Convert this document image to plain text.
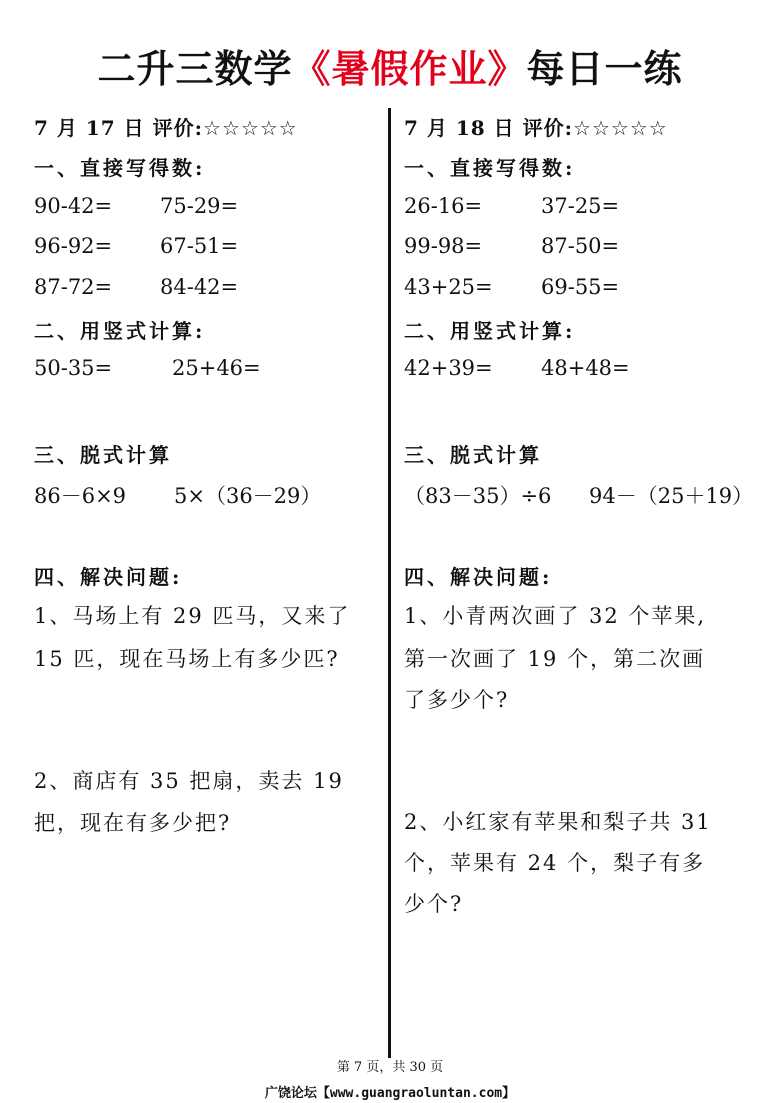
二升三数学《暑假作业》每日一练
7 月 17 日 评价:☆☆☆☆☆
一、直接写得数:
90-42= 75-29=
96-92= 67-51=
87-72= 84-42=
二、用竖式计算:
50-35=	25+46=
三、脱式计算
86－6×9 5×（36－29）
四、解决问题:
1、马场上有 29 匹马，又来了
15 匹，现在马场上有多少匹?
2、商店有 35 把扇，卖去 19
把，现在有多少把?
7 月 18 日 评价:☆☆☆☆☆
一、直接写得数:
26-16=	37-25=
99-98=	87-50=
43+25= 69-55=
二、用竖式计算:
42+39= 48+48=
三、脱式计算
（83－35）÷6 94－（25＋19）
四、解决问题:
1、小青两次画了 32 个苹果,
第一次画了 19 个，第二次画
了多少个?
2、小红家有苹果和梨子共 31
个，苹果有 24 个，梨子有多
少个?
第 7 页，共 30 页
广饶论坛【www.guangraoluntan.com】
